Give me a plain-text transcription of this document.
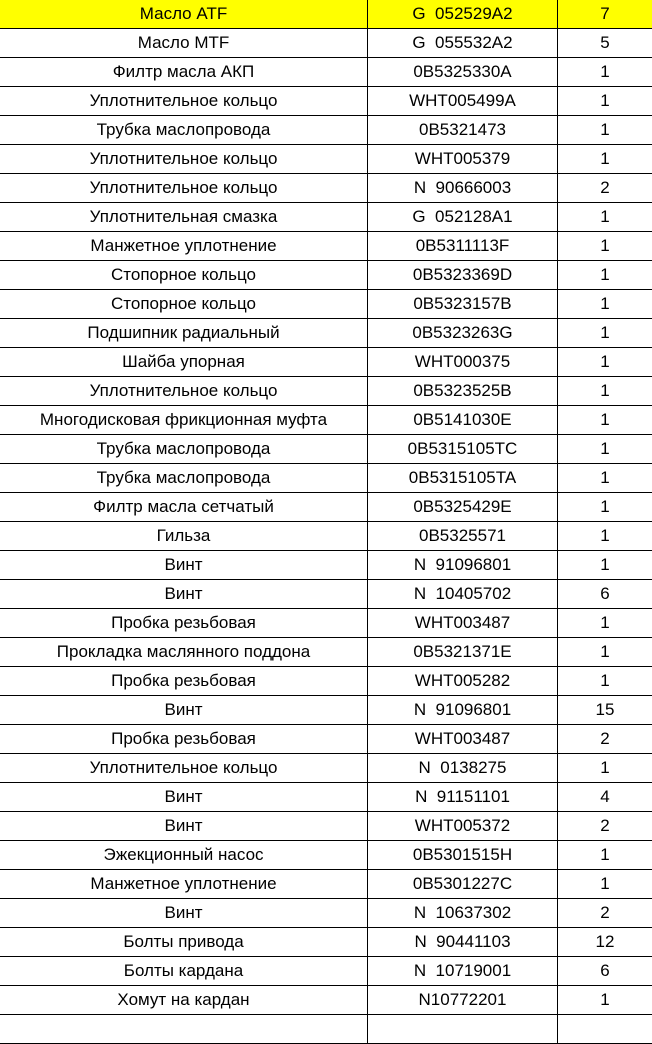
Масло ATF	G  052529A2	7
Масло MTF	G  055532A2	5
Филтр масла АКП	0B5325330A	1
Уплотнительное кольцо	WHT005499A	1
Трубка маслопровода	0B5321473	1
Уплотнительное кольцо	WHT005379	1
Уплотнительное кольцо	N  90666003	2
Уплотнительная смазка	G  052128A1	1
Манжетное уплотнение	0B5311113F	1
Стопорное кольцо	0B5323369D	1
Стопорное кольцо	0B5323157B	1
Подшипник радиальный	0B5323263G	1
Шайба упорная	WHT000375	1
Уплотнительное кольцо	0B5323525B	1
Многодисковая фрикционная муфта	0B5141030E	1
Трубка маслопровода	0B5315105TC	1
Трубка маслопровода	0B5315105TA	1
Филтр масла сетчатый	0B5325429E	1
Гильза	0B5325571	1
Винт	N  91096801	1
Винт	N  10405702	6
Пробка резьбовая	WHT003487	1
Прокладка маслянного поддона	0B5321371E	1
Пробка резьбовая	WHT005282	1
Винт	N  91096801	15
Пробка резьбовая	WHT003487	2
Уплотнительное кольцо	N  0138275	1
Винт	N  91151101	4
Винт	WHT005372	2
Эжекционный насос	0B5301515H	1
Манжетное уплотнение	0B5301227C	1
Винт	N  10637302	2
Болты привода	N  90441103	12
Болты кардана	N  10719001	6
Хомут на кардан	N10772201	1
